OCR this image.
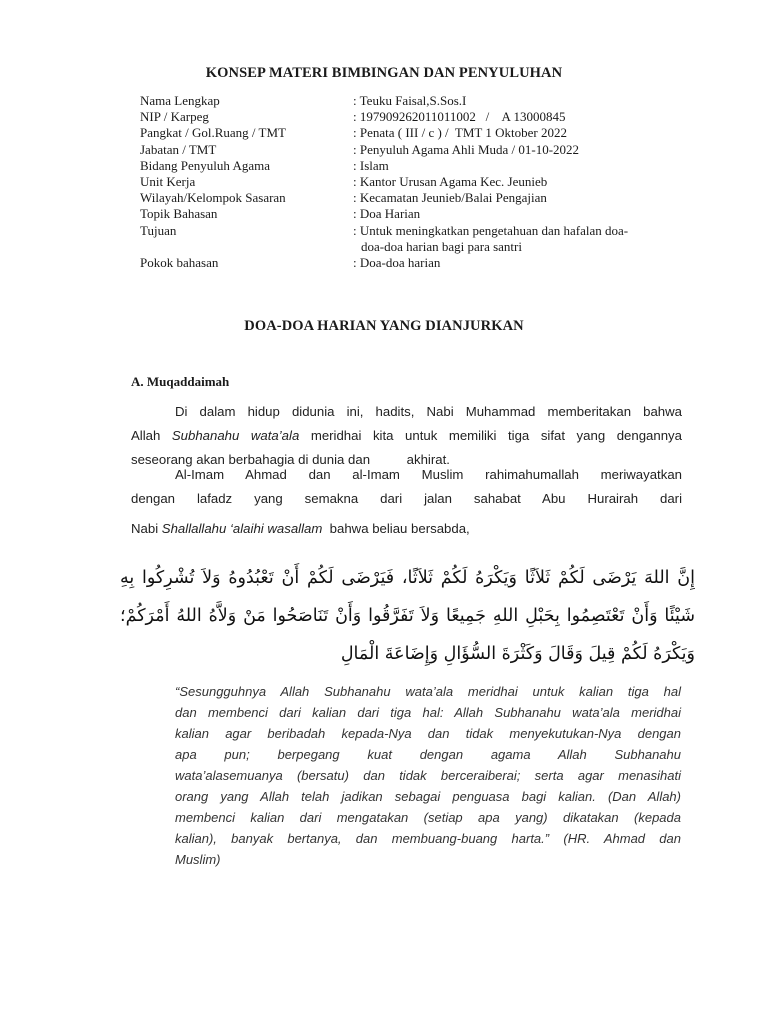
KONSEP MATERI BIMBINGAN DAN PENYULUHAN
Nama Lengkap	: Teuku Faisal,S.Sos.I
NIP / Karpeg	: 197909262011011002   /    A 13000845
Pangkat / Gol.Ruang / TMT	: Penata ( III / c ) /  TMT 1 Oktober 2022
Jabatan / TMT	: Penyuluh Agama Ahli Muda / 01-10-2022
Bidang Penyuluh Agama	: Islam
Unit Kerja	: Kantor Urusan Agama Kec. Jeunieb
Wilayah/Kelompok Sasaran	: Kecamatan Jeunieb/Balai Pengajian
Topik Bahasan	: Doa Harian
Tujuan	: Untuk meningkatkan pengetahuan dan hafalan doa-
doa-doa harian bagi para santri
Pokok bahasan	: Doa-doa harian
DOA-DOA HARIAN YANG DIANJURKAN
A. Muqaddaimah
Di dalam hidup didunia ini, hadits, Nabi Muhammad memberitakan bahwa
Allah Subhanahu wata’ala meridhai kita untuk memiliki tiga sifat yang dengannya
seseorang akan berbahagia di dunia dan          akhirat.
Al-Imam Ahmad dan al-Imam Muslim rahimahumallah meriwayatkan
dengan lafadz yang semakna dari jalan sahabat Abu Hurairah dari
Nabi Shallallahu ‘alaihi wasallam  bahwa beliau bersabda,
إِنَّ اللهَ يَرْضَى لَكُمْ ثَلاَثًا وَيَكْرَهُ لَكُمْ ثَلاَثًا، فَيَرْضَى لَكُمْ أَنْ تَعْبُدُوهُ وَلاَ تُشْرِكُوا بِهِ
شَيْئًا وَأَنْ تَعْتَصِمُوا بِحَبْلِ اللهِ جَمِيعًا وَلاَ تَفَرَّقُوا وَأَنْ تَنَاصَحُوا مَنْ وَلاَّهُ اللهُ أَمْرَكُمْ؛
وَيَكْرَهُ لَكُمْ قِيلَ وَقَالَ وَكَثْرَةَ السُّؤَالِ وَإِضَاعَةَ الْمَالِ
“Sesungguhnya Allah Subhanahu wata’ala meridhai untuk kalian tiga hal
dan membenci dari kalian dari tiga hal: Allah Subhanahu wata’ala meridhai
kalian agar beribadah kepada-Nya dan tidak menyekutukan-Nya dengan
apa pun; berpegang kuat dengan agama Allah Subhanahu
wata’alasemuanya (bersatu) dan tidak berceraiberai; serta agar menasihati
orang yang Allah telah jadikan sebagai penguasa bagi kalian. (Dan Allah)
membenci kalian dari mengatakan (setiap apa yang) dikatakan (kepada
kalian), banyak bertanya, dan membuang-buang harta.” (HR. Ahmad dan
Muslim)
